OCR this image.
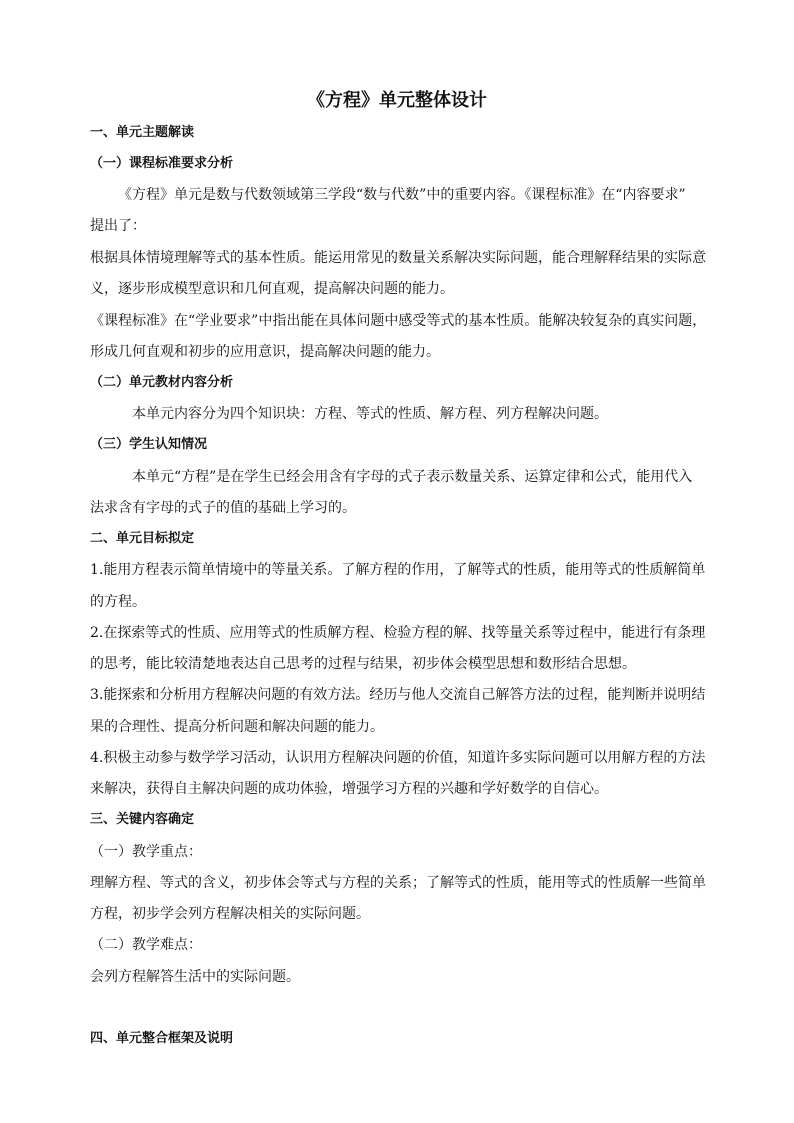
《方程》单元整体设计
一、单元主题解读
（一）课程标准要求分析
《方程》单元是数与代数领域第三学段“数与代数”中的重要内容。《课程标准》在“内容要求”
提出了：
根据具体情境理解等式的基本性质。能运用常见的数量关系解决实际问题，能合理解释结果的实际意
义，逐步形成模型意识和几何直观，提高解决问题的能力。
《课程标准》在“学业要求”中指出能在具体问题中感受等式的基本性质。能解决较复杂的真实问题，
形成几何直观和初步的应用意识，提高解决问题的能力。
（二）单元教材内容分析
本单元内容分为四个知识块：方程、等式的性质、解方程、列方程解决问题。
（三）学生认知情况
本单元“方程”是在学生已经会用含有字母的式子表示数量关系、运算定律和公式，能用代入
法求含有字母的式子的值的基础上学习的。
二、单元目标拟定
1.能用方程表示简单情境中的等量关系。了解方程的作用，了解等式的性质，能用等式的性质解简单
的方程。
2.在探索等式的性质、应用等式的性质解方程、检验方程的解、找等量关系等过程中，能进行有条理
的思考，能比较清楚地表达自己思考的过程与结果，初步体会模型思想和数形结合思想。
3.能探索和分析用方程解决问题的有效方法。经历与他人交流自己解答方法的过程，能判断并说明结
果的合理性、提高分析问题和解决问题的能力。
4.积极主动参与数学学习活动，认识用方程解决问题的价值，知道许多实际问题可以用解方程的方法
来解决，获得自主解决问题的成功体验，增强学习方程的兴趣和学好数学的自信心。
三、关键内容确定
（一）教学重点：
理解方程、等式的含义，初步体会等式与方程的关系；了解等式的性质，能用等式的性质解一些简单
方程，初步学会列方程解决相关的实际问题。
（二）教学难点：
会列方程解答生活中的实际问题。
四、单元整合框架及说明
